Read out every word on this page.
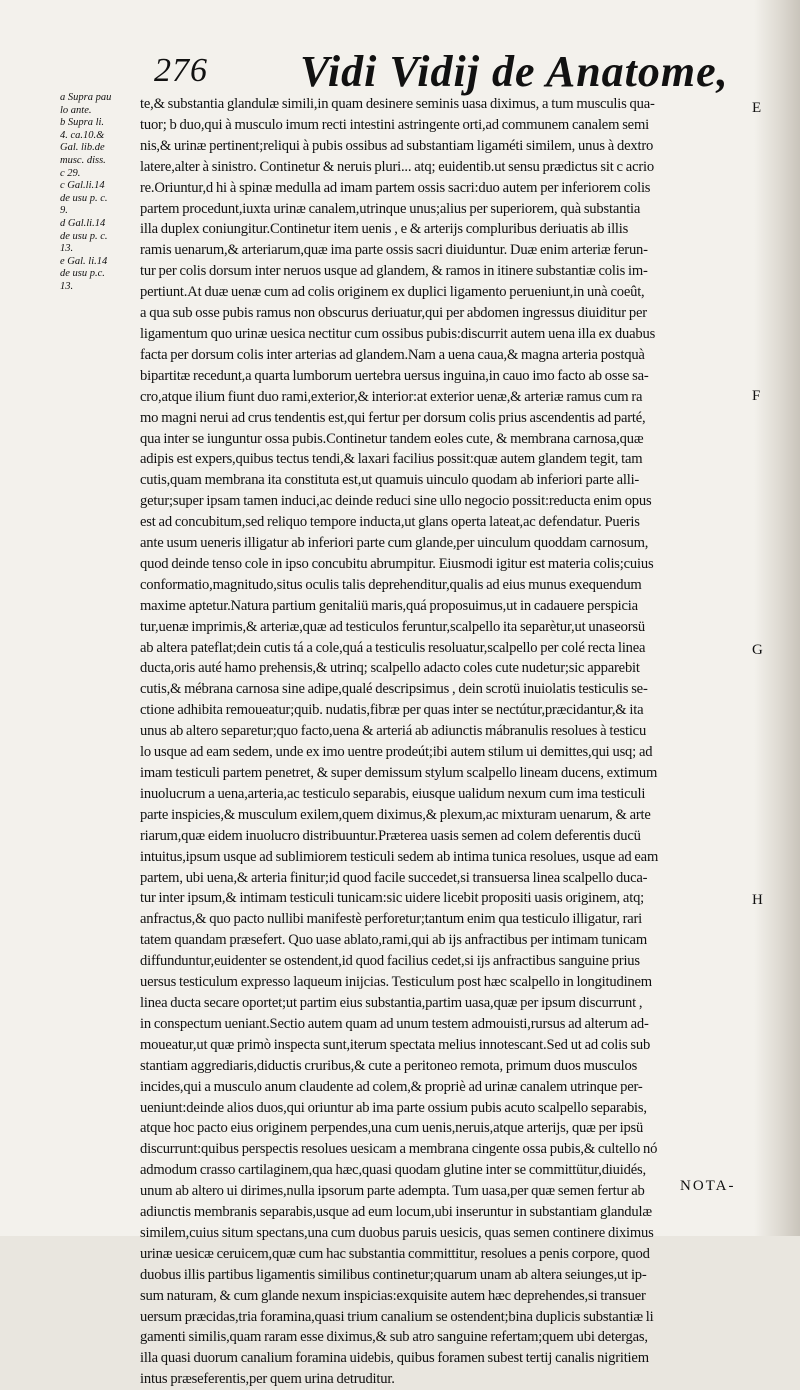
276 Vidi Vidij de Anatome,
a Supra pau
lo ante.
b Supra li.
4. ca.10.&
Gal. lib.de
musc. diss.
c 29.
c Gal.li.14
de usu p. c.
9.
d Gal.li.14
de usu p. c.
13.
e Gal. li.14
de usu p.c.
13.
te,& substantia glandulæ simili,in quam desinere seminis uasa diximus, a tum musculis qua-
tuor; b duo,qui à musculo imum recti intestini astringente orti,ad communem canalem semi
nis,& urinæ pertinent;reliqui à pubis ossibus ad substantiam ligaméti similem, unus à dextro
latere,alter à sinistro. Continetur & neruis pluri... atq; euidentib.ut sensu prædictus sit c acrio
re.Oriuntur,d hi à spinæ medulla ad imam partem ossis sacri:duo autem per inferiorem colis
partem procedunt,iuxta urinæ canalem,utrinque unus;alius per superiorem, quà substantia
illa duplex coniungitur.Continetur item uenis , e & arterijs compluribus deriuatis ab illis
ramis uenarum,& arteriarum,quæ ima parte ossis sacri diuiduntur. Duæ enim arteriæ ferun-
tur per colis dorsum inter neruos usque ad glandem, & ramos in itinere substantiæ colis im-
pertiunt.At duæ uenæ cum ad colis originem ex duplici ligamento perueniunt,in unà coeût,
a qua sub osse pubis ramus non obscurus deriuatur,qui per abdomen ingressus diuiditur per
ligamentum quo urinæ uesica nectitur cum ossibus pubis:discurrit autem uena illa ex duabus
facta per dorsum colis inter arterias ad glandem.Nam a uena caua,& magna arteria postquà
bipartitæ recedunt,a quarta lumborum uertebra uersus inguina,in cauo imo facto ab osse sa-
cro,atque ilium fiunt duo rami,exterior,& interior:at exterior uenæ,& arteriæ ramus cum ra
mo magni nerui ad crus tendentis est,qui fertur per dorsum colis prius ascendentis ad parté,
qua inter se iunguntur ossa pubis.Continetur tandem eoles cute, & membrana carnosa,quæ
adipis est expers,quibus tectus tendi,& laxari facilius possit:quæ autem glandem tegit, tam
cutis,quam membrana ita constituta est,ut quamuis uinculo quodam ab inferiori parte alli-
getur;super ipsam tamen induci,ac deinde reduci sine ullo negocio possit:reducta enim opus
est ad concubitum,sed reliquo tempore inducta,ut glans operta lateat,ac defendatur. Pueris
ante usum ueneris illigatur ab inferiori parte cum glande,per uinculum quoddam carnosum,
quod deinde tenso cole in ipso concubitu abrumpitur. Eiusmodi igitur est materia colis;cuius
conformatio,magnitudo,situs oculis talis deprehenditur,qualis ad eius munus exequendum
maxime aptetur.Natura partium genitaliü maris,quá proposuimus,ut in cadauere perspicia
tur,uenæ imprimis,& arteriæ,quæ ad testiculos feruntur,scalpello ita separètur,ut unaseorsü
ab altera pateflat;dein cutis tá a cole,quá a testiculis resoluatur,scalpello per colé recta linea
ducta,oris auté hamo prehensis,& utrinq; scalpello adacto coles cute nudetur;sic apparebit
cutis,& mébrana carnosa sine adipe,qualé descripsimus , dein scrotü inuiolatis testiculis se-
ctione adhibita remoueatur;quib. nudatis,fibræ per quas inter se nectútur,præcidantur,& ita
unus ab altero separetur;quo facto,uena & arteriá ab adiunctis mábranulis resolues à testicu
lo usque ad eam sedem, unde ex imo uentre prodeút;ibi autem stilum ui demittes,qui usq; ad
imam testiculi partem penetret, & super demissum stylum scalpello lineam ducens, extimum
inuolucrum a uena,arteria,ac testiculo separabis, eiusque ualidum nexum cum ima testiculi
parte inspicies,& musculum exilem,quem diximus,& plexum,ac mixturam uenarum, & arte
riarum,quæ eidem inuolucro distribuuntur.Præterea uasis semen ad colem deferentis ducü
intuitus,ipsum usque ad sublimiorem testiculi sedem ab intima tunica resolues, usque ad eam
partem, ubi uena,& arteria finitur;id quod facile succedet,si transuersa linea scalpello duca-
tur inter ipsum,& intimam testiculi tunicam:sic uidere licebit propositi uasis originem, atq;
anfractus,& quo pacto nullibi manifestè perforetur;tantum enim qua testiculo illigatur, rari
tatem quandam præsefert. Quo uase ablato,rami,qui ab ijs anfractibus per intimam tunicam
diffunduntur,euidenter se ostendent,id quod facilius cedet,si ijs anfractibus sanguine prius
uersus testiculum expresso laqueum inijcias. Testiculum post hæc scalpello in longitudinem
linea ducta secare oportet;ut partim eius substantia,partim uasa,quæ per ipsum discurrunt ,
in conspectum ueniant.Sectio autem quam ad unum testem admouisti,rursus ad alterum ad-
moueatur,ut quæ primò inspecta sunt,iterum spectata melius innotescant.Sed ut ad colis sub
stantiam aggrediaris,diductis cruribus,& cute a peritoneo remota, primum duos musculos
incides,qui a musculo anum claudente ad colem,& propriè ad urinæ canalem utrinque per-
ueniunt:deinde alios duos,qui oriuntur ab ima parte ossium pubis acuto scalpello separabis,
atque hoc pacto eius originem perpendes,una cum uenis,neruis,atque arterijs, quæ per ipsü
discurrunt:quibus perspectis resolues uesicam a membrana cingente ossa pubis,& cultello nó
admodum crasso cartilaginem,qua hæc,quasi quodam glutine inter se committütur,diuidés,
unum ab altero ui dirimes,nulla ipsorum parte adempta. Tum uasa,per quæ semen fertur ab
adiunctis membranis separabis,usque ad eum locum,ubi inseruntur in substantiam glandulæ
similem,cuius situm spectans,una cum duobus paruis uesicis, quas semen continere diximus
urinæ uesicæ ceruicem,quæ cum hac substantia committitur, resolues a penis corpore, quod
duobus illis partibus ligamentis similibus continetur;quarum unam ab altera seiunges,ut ip-
sum naturam, & cum glande nexum inspicias:exquisite autem hæc deprehendes,si transuer
uersum præcidas,tria foramina,quasi trium canalium se ostendent;bina duplicis substantiæ li
gamenti similis,quam raram esse diximus,& sub atro sanguine refertam;quem ubi detergas,
illa quasi duorum canalium foramina uidebis, quibus foramen subest tertij canalis nigritiem
intus præseferentis,per quem urina detruditur.
E
F
G
H
NOTA-
